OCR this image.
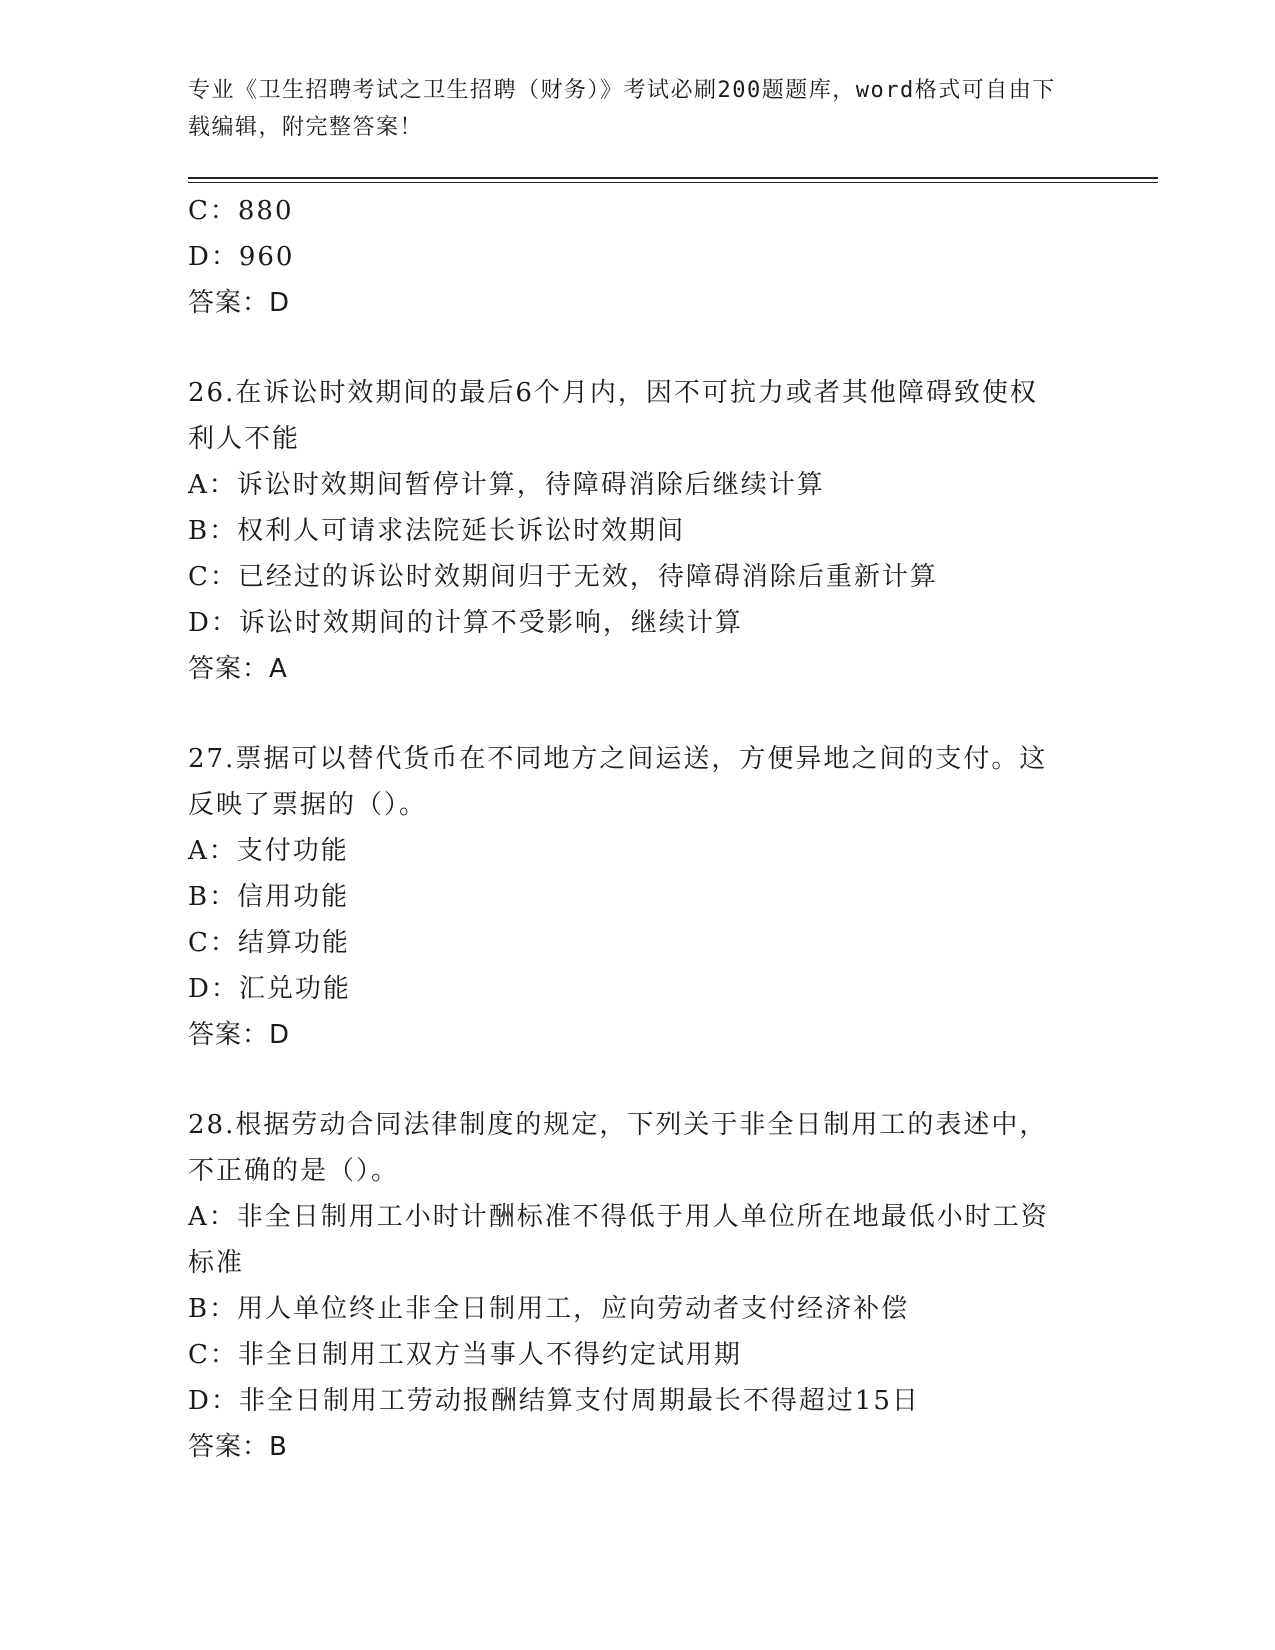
专业《卫生招聘考试之卫生招聘（财务）》考试必刷200题题库，word格式可自由下载编辑，附完整答案！
C：880
D：960
答案：D
26.在诉讼时效期间的最后6个月内，因不可抗力或者其他障碍致使权
利人不能
A：诉讼时效期间暂停计算，待障碍消除后继续计算
B：权利人可请求法院延长诉讼时效期间
C：已经过的诉讼时效期间归于无效，待障碍消除后重新计算
D：诉讼时效期间的计算不受影响，继续计算
答案：A
27.票据可以替代货币在不同地方之间运送，方便异地之间的支付。这
反映了票据的（）。
A：支付功能
B：信用功能
C：结算功能
D：汇兑功能
答案：D
28.根据劳动合同法律制度的规定，下列关于非全日制用工的表述中，
不正确的是（）。
A：非全日制用工小时计酬标准不得低于用人单位所在地最低小时工资
标准
B：用人单位终止非全日制用工，应向劳动者支付经济补偿
C：非全日制用工双方当事人不得约定试用期
D：非全日制用工劳动报酬结算支付周期最长不得超过15日
答案：B
